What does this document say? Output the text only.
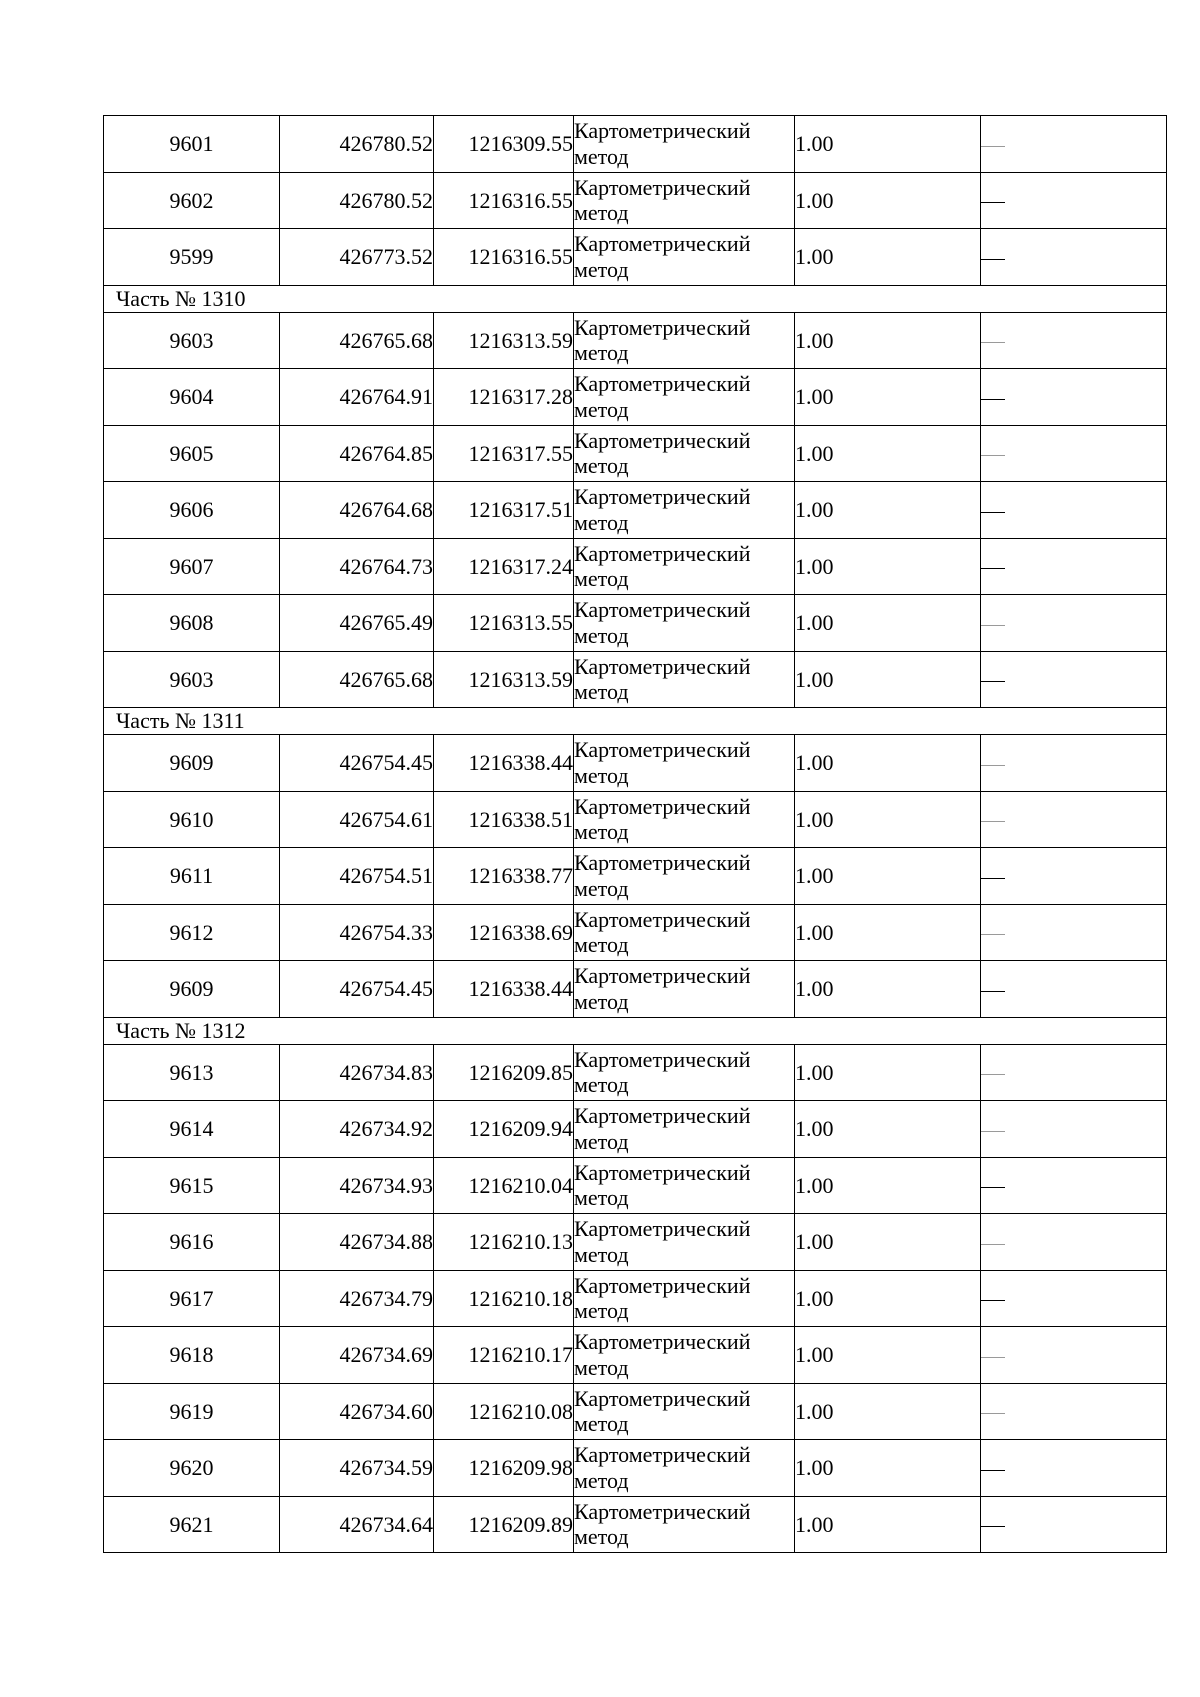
9601	426780.52	1216309.55	Картометрический метод	1.00	
9602	426780.52	1216316.55	Картометрический метод	1.00	
9599	426773.52	1216316.55	Картометрический метод	1.00	
Часть № 1310					
9603	426765.68	1216313.59	Картометрический метод	1.00	
9604	426764.91	1216317.28	Картометрический метод	1.00	
9605	426764.85	1216317.55	Картометрический метод	1.00	
9606	426764.68	1216317.51	Картометрический метод	1.00	
9607	426764.73	1216317.24	Картометрический метод	1.00	
9608	426765.49	1216313.55	Картометрический метод	1.00	
9603	426765.68	1216313.59	Картометрический метод	1.00	
Часть № 1311					
9609	426754.45	1216338.44	Картометрический метод	1.00	
9610	426754.61	1216338.51	Картометрический метод	1.00	
9611	426754.51	1216338.77	Картометрический метод	1.00	
9612	426754.33	1216338.69	Картометрический метод	1.00	
9609	426754.45	1216338.44	Картометрический метод	1.00	
Часть № 1312					
9613	426734.83	1216209.85	Картометрический метод	1.00	
9614	426734.92	1216209.94	Картометрический метод	1.00	
9615	426734.93	1216210.04	Картометрический метод	1.00	
9616	426734.88	1216210.13	Картометрический метод	1.00	
9617	426734.79	1216210.18	Картометрический метод	1.00	
9618	426734.69	1216210.17	Картометрический метод	1.00	
9619	426734.60	1216210.08	Картометрический метод	1.00	
9620	426734.59	1216209.98	Картометрический метод	1.00	
9621	426734.64	1216209.89	Картометрический метод	1.00	
